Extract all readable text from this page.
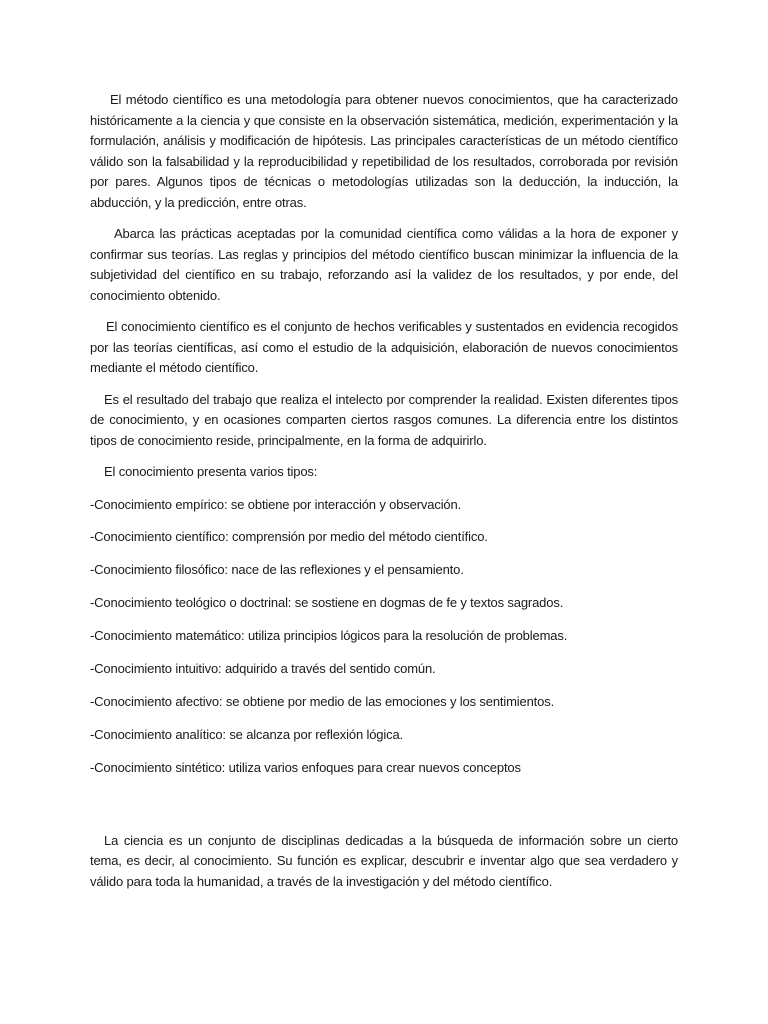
El método científico es una metodología para obtener nuevos conocimientos, que ha caracterizado históricamente a la ciencia y que consiste en la observación sistemática, medición, experimentación y la formulación, análisis y modificación de hipótesis. Las principales características de un método científico válido son la falsabilidad y la reproducibilidad y repetibilidad de los resultados, corroborada por revisión por pares. Algunos tipos de técnicas o metodologías utilizadas son la deducción, la inducción, la abducción, y la predicción, entre otras.

Abarca las prácticas aceptadas por la comunidad científica como válidas a la hora de exponer y confirmar sus teorías. Las reglas y principios del método científico buscan minimizar la influencia de la subjetividad del científico en su trabajo, reforzando así la validez de los resultados, y por ende, del conocimiento obtenido.

El conocimiento científico es el conjunto de hechos verificables y sustentados en evidencia recogidos por las teorías científicas, así como el estudio de la adquisición, elaboración de nuevos conocimientos mediante el método científico.

Es el resultado del trabajo que realiza el intelecto por comprender la realidad. Existen diferentes tipos de conocimiento, y en ocasiones comparten ciertos rasgos comunes. La diferencia entre los distintos tipos de conocimiento reside, principalmente, en la forma de adquirirlo.

El conocimiento presenta varios tipos:

-Conocimiento empírico: se obtiene por interacción y observación.
-Conocimiento científico: comprensión por medio del método científico.
-Conocimiento filosófico: nace de las reflexiones y el pensamiento.
-Conocimiento teológico o doctrinal: se sostiene en dogmas de fe y textos sagrados.
-Conocimiento matemático: utiliza principios lógicos para la resolución de problemas.
-Conocimiento intuitivo: adquirido a través del sentido común.
-Conocimiento afectivo: se obtiene por medio de las emociones y los sentimientos.
-Conocimiento analítico: se alcanza por reflexión lógica.
-Conocimiento sintético: utiliza varios enfoques para crear nuevos conceptos

La ciencia es un conjunto de disciplinas dedicadas a la búsqueda de información sobre un cierto tema, es decir, al conocimiento. Su función es explicar, descubrir e inventar algo que sea verdadero y válido para toda la humanidad, a través de la investigación y del método científico.
